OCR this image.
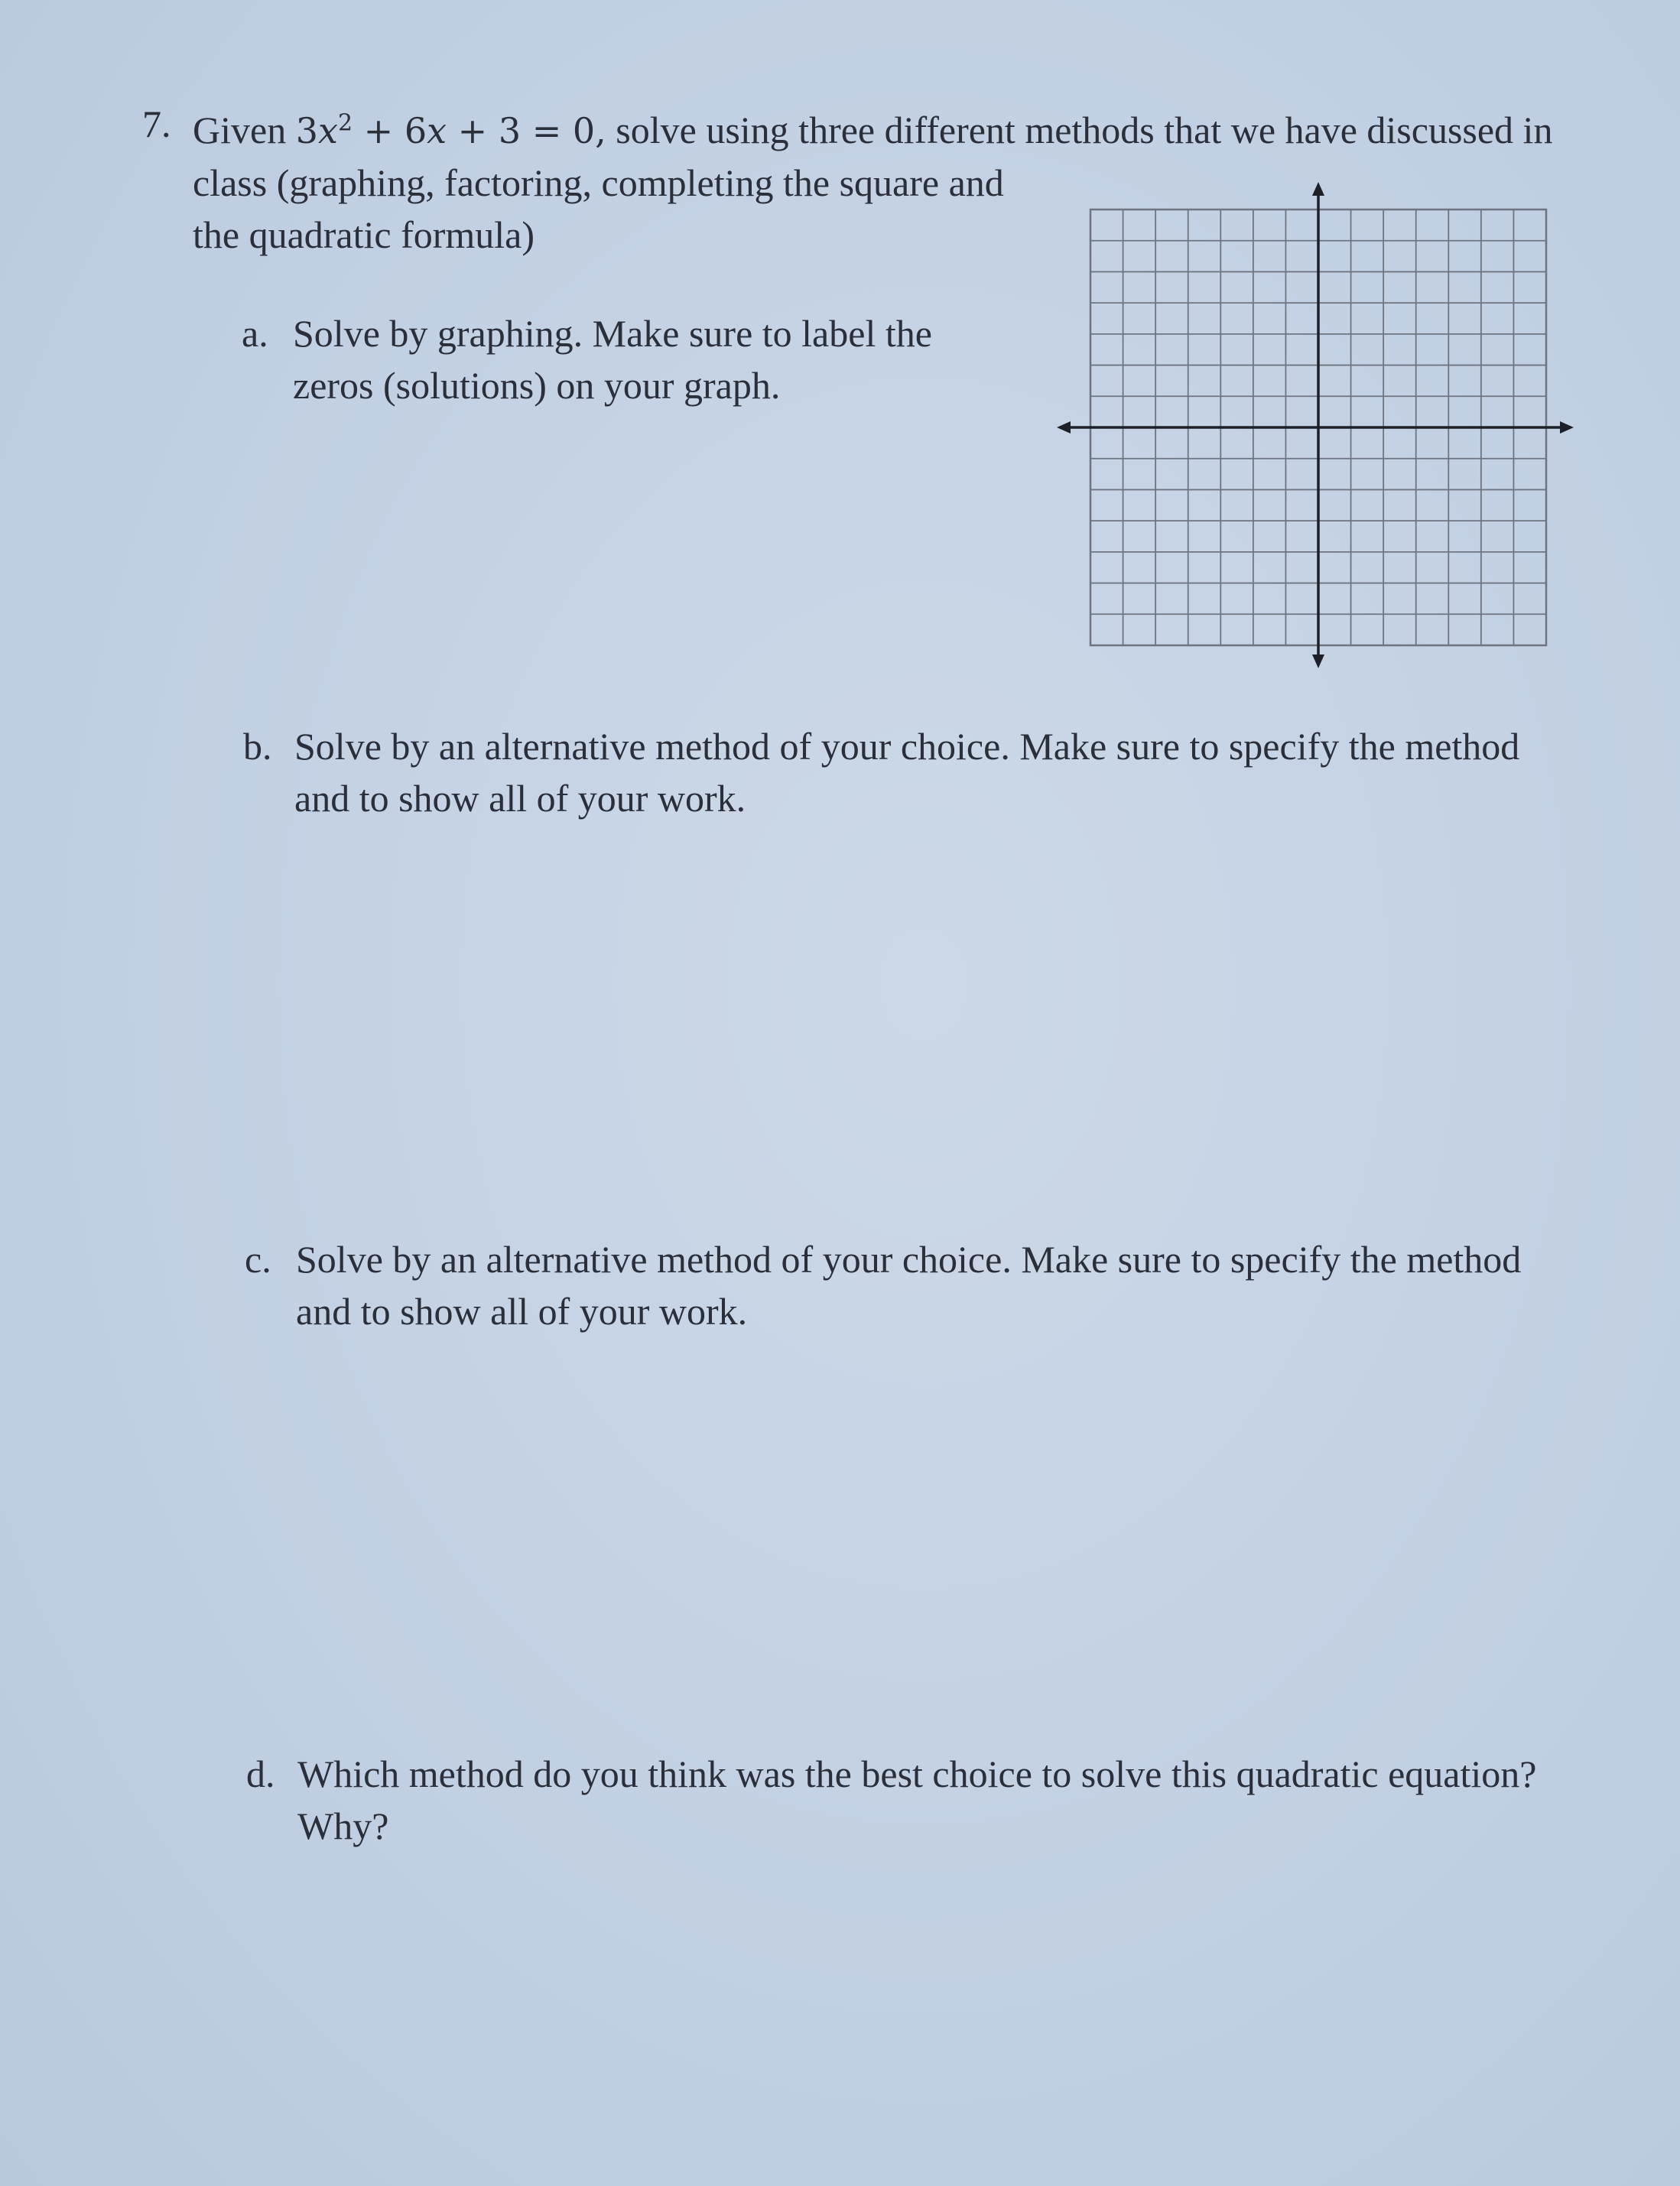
7. Given $3x^2 + 6x + 3 = 0$, solve using three different methods that we have discussed in
class (graphing, factoring, completing the square and
the quadratic formula)
a. Solve by graphing. Make sure to label the
zeros (solutions) on your graph.
b. Solve by an alternative method of your choice. Make sure to specify the method
and to show all of your work.
c. Solve by an alternative method of your choice. Make sure to specify the method
and to show all of your work.
d. Which method do you think was the best choice to solve this quadratic equation?
Why?
